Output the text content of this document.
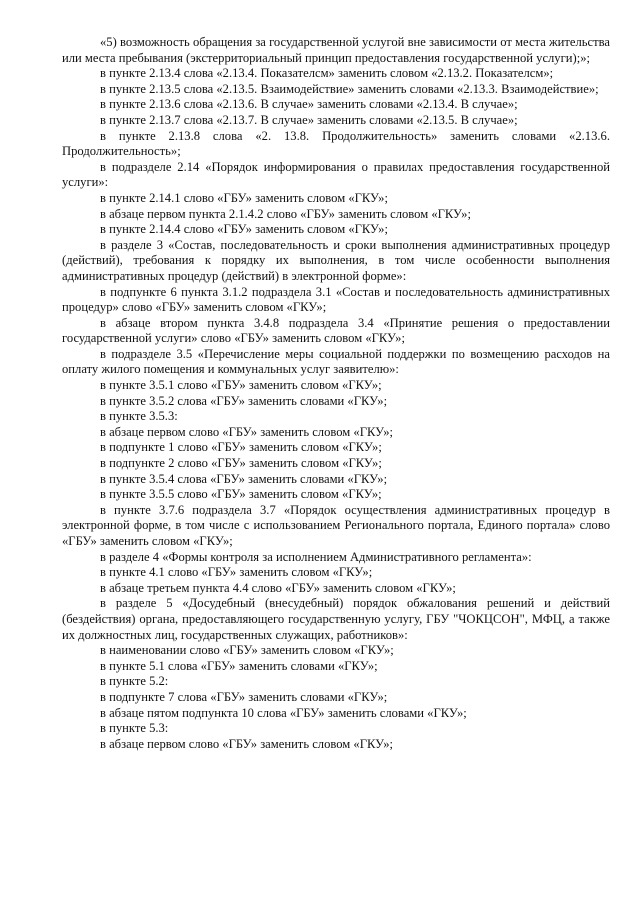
«5) возможность обращения за государственной услугой вне зависимости от места жительства или места пребывания (экстерриториальный принцип предоставления государственной услуги);»;

в пункте 2.13.4 слова «2.13.4. Показателсм» заменить словом «2.13.2. Показателсм»;

в пункте 2.13.5 слова «2.13.5. Взаимодействие» заменить словами «2.13.3. Взаимодействие»;

в пункте 2.13.6 слова «2.13.6. В случае» заменить словами «2.13.4. В случае»;

в пункте 2.13.7 слова «2.13.7. В случае» заменить словами «2.13.5. В случае»;

в пункте 2.13.8 слова «2. 13.8. Продолжительность» заменить словами «2.13.6. Продолжительность»;

в подразделе 2.14 «Порядок информирования о правилах предоставления государственной услуги»:

в пункте 2.14.1 слово «ГБУ» заменить словом «ГКУ»;

в абзаце первом пункта 2.1.4.2 слово «ГБУ» заменить словом «ГКУ»;

в пункте 2.14.4 слово «ГБУ» заменить словом «ГКУ»;

в разделе 3 «Состав, последовательность и сроки выполнения административных процедур (действий), требования к порядку их выполнения, в том числе особенности выполнения административных процедур (действий) в электронной форме»:

в подпункте 6 пункта 3.1.2 подраздела 3.1 «Состав и последовательность административных процедур» слово «ГБУ» заменить словом «ГКУ»;

в абзаце втором пункта 3.4.8 подраздела 3.4 «Принятие решения о предоставлении государственной услуги» слово «ГБУ» заменить словом «ГКУ»;

в подразделе 3.5 «Перечисление меры социальной поддержки по возмещению расходов на оплату жилого помещения и коммунальных услуг заявителю»:

в пункте 3.5.1 слово «ГБУ» заменить словом «ГКУ»;

в пункте 3.5.2 слова «ГБУ» заменить словами «ГКУ»;

в пункте 3.5.3:

в абзаце первом слово «ГБУ» заменить словом «ГКУ»;

в подпункте 1 слово «ГБУ» заменить словом «ГКУ»;

в подпункте 2 слово «ГБУ» заменить словом «ГКУ»;

в пункте 3.5.4 слова «ГБУ» заменить словами «ГКУ»;

в пункте 3.5.5 слово «ГБУ» заменить словом «ГКУ»;

в пункте 3.7.6 подраздела 3.7 «Порядок осуществления административных процедур в электронной форме, в том числе с использованием Регионального портала, Единого портала» слово «ГБУ» заменить словом «ГКУ»;

в разделе 4 «Формы контроля за исполнением Административного регламента»:

в пункте 4.1 слово «ГБУ» заменить словом «ГКУ»;

в абзаце третьем пункта 4.4 слово «ГБУ» заменить словом «ГКУ»;

в разделе 5 «Досудебный (внесудебный) порядок обжалования решений и действий (бездействия) органа, предоставляющего государственную услугу, ГБУ "ЧОКЦСОН", МФЦ, а также их должностных лиц, государственных служащих, работников»:

в наименовании слово «ГБУ» заменить словом «ГКУ»;

в пункте 5.1 слова «ГБУ» заменить словами «ГКУ»;

в пункте 5.2:

в подпункте 7 слова «ГБУ» заменить словами «ГКУ»;

в абзаце пятом подпункта 10 слова «ГБУ» заменить словами «ГКУ»;

в пункте 5.3:

в абзаце первом слово «ГБУ» заменить словом «ГКУ»;
